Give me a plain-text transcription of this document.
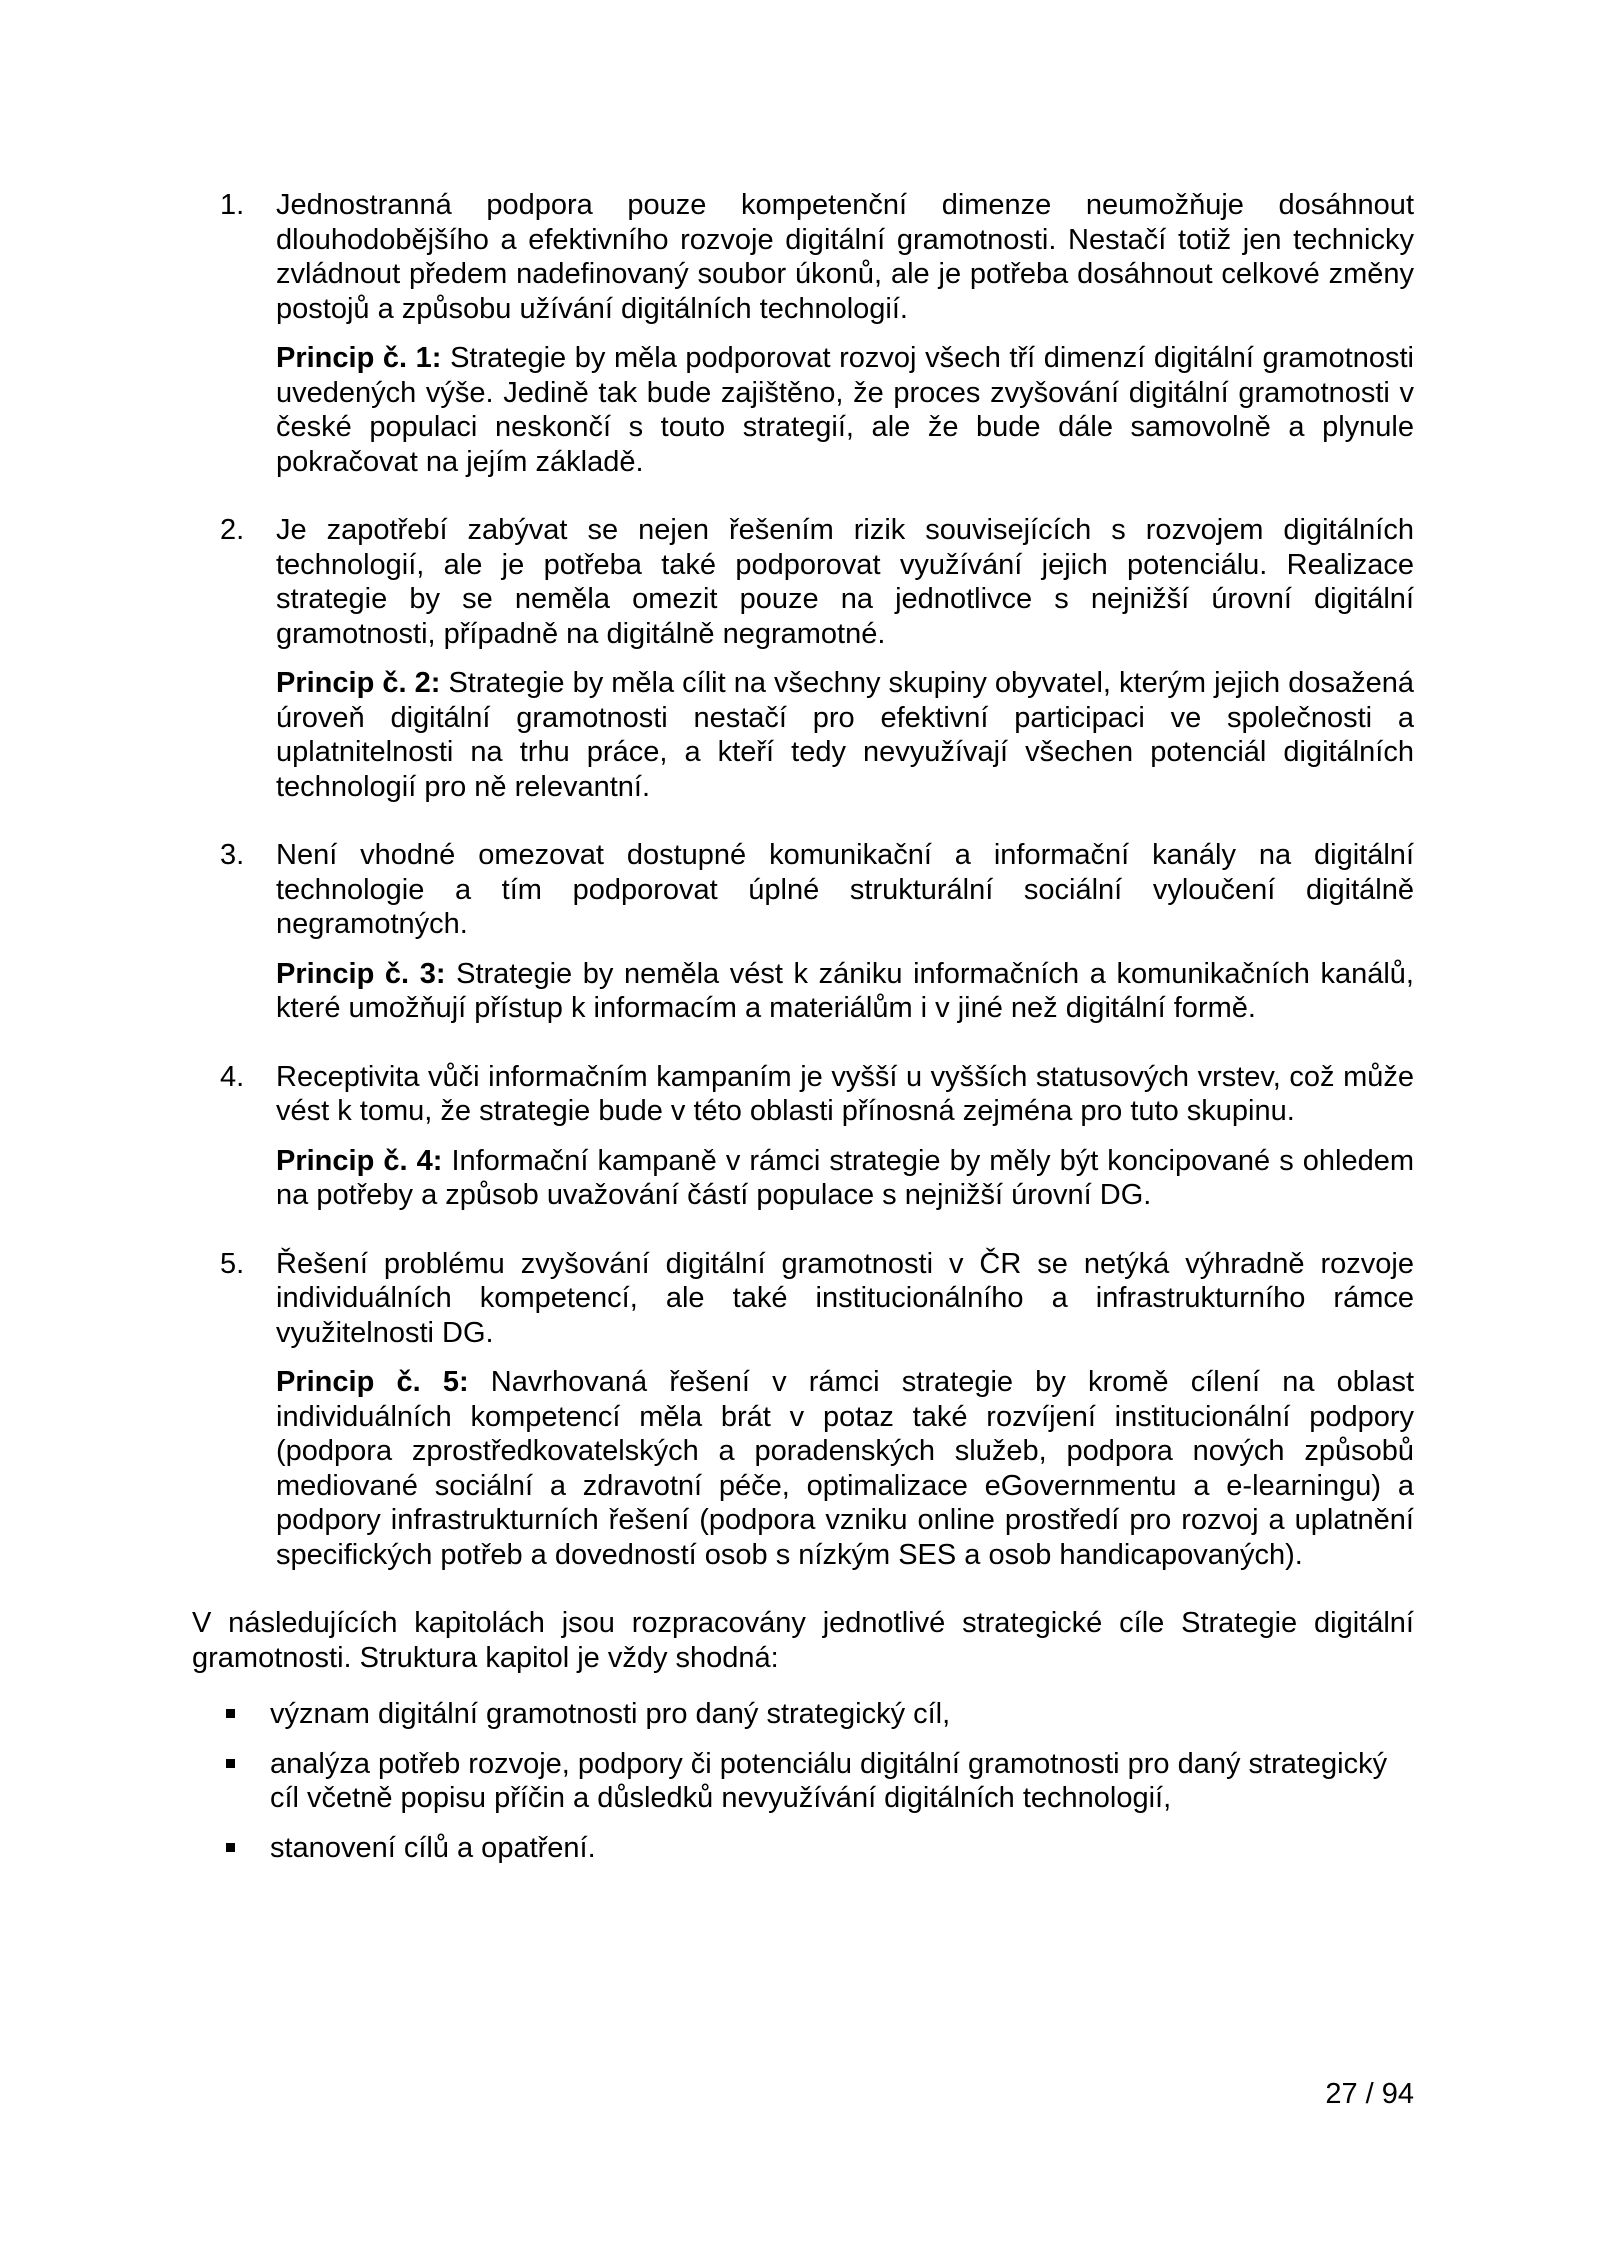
1. Jednostranná podpora pouze kompetenční dimenze neumožňuje dosáhnout dlouhodobějšího a efektivního rozvoje digitální gramotnosti. Nestačí totiž jen technicky zvládnout předem nadefinovaný soubor úkonů, ale je potřeba dosáhnout celkové změny postojů a způsobu užívání digitálních technologií.

Princip č. 1: Strategie by měla podporovat rozvoj všech tří dimenzí digitální gramotnosti uvedených výše. Jedině tak bude zajištěno, že proces zvyšování digitální gramotnosti v české populaci neskončí s touto strategií, ale že bude dále samovolně a plynule pokračovat na jejím základě.

2. Je zapotřebí zabývat se nejen řešením rizik souvisejících s rozvojem digitálních technologií, ale je potřeba také podporovat využívání jejich potenciálu. Realizace strategie by se neměla omezit pouze na jednotlivce s nejnižší úrovní digitální gramotnosti, případně na digitálně negramotné.

Princip č. 2: Strategie by měla cílit na všechny skupiny obyvatel, kterým jejich dosažená úroveň digitální gramotnosti nestačí pro efektivní participaci ve společnosti a uplatnitelnosti na trhu práce, a kteří tedy nevyužívají všechen potenciál digitálních technologií pro ně relevantní.

3. Není vhodné omezovat dostupné komunikační a informační kanály na digitální technologie a tím podporovat úplné strukturální sociální vyloučení digitálně negramotných.

Princip č. 3: Strategie by neměla vést k zániku informačních a komunikačních kanálů, které umožňují přístup k informacím a materiálům i v jiné než digitální formě.

4. Receptivita vůči informačním kampaním je vyšší u vyšších statusových vrstev, což může vést k tomu, že strategie bude v této oblasti přínosná zejména pro tuto skupinu.

Princip č. 4: Informační kampaně v rámci strategie by měly být koncipované s ohledem na potřeby a způsob uvažování částí populace s nejnižší úrovní DG.

5. Řešení problému zvyšování digitální gramotnosti v ČR se netýká výhradně rozvoje individuálních kompetencí, ale také institucionálního a infrastrukturního rámce využitelnosti DG.

Princip č. 5: Navrhovaná řešení v rámci strategie by kromě cílení na oblast individuálních kompetencí měla brát v potaz také rozvíjení institucionální podpory (podpora zprostředkovatelských a poradenských služeb, podpora nových způsobů mediované sociální a zdravotní péče, optimalizace eGovernmentu a e-learningu) a podpory infrastrukturních řešení (podpora vzniku online prostředí pro rozvoj a uplatnění specifických potřeb a dovedností osob s nízkým SES a osob handicapovaných).

V následujících kapitolách jsou rozpracovány jednotlivé strategické cíle Strategie digitální gramotnosti. Struktura kapitol je vždy shodná:

význam digitální gramotnosti pro daný strategický cíl,
analýza potřeb rozvoje, podpory či potenciálu digitální gramotnosti pro daný strategický cíl včetně popisu příčin a důsledků nevyužívání digitálních technologií,
stanovení cílů a opatření.
27 / 94
